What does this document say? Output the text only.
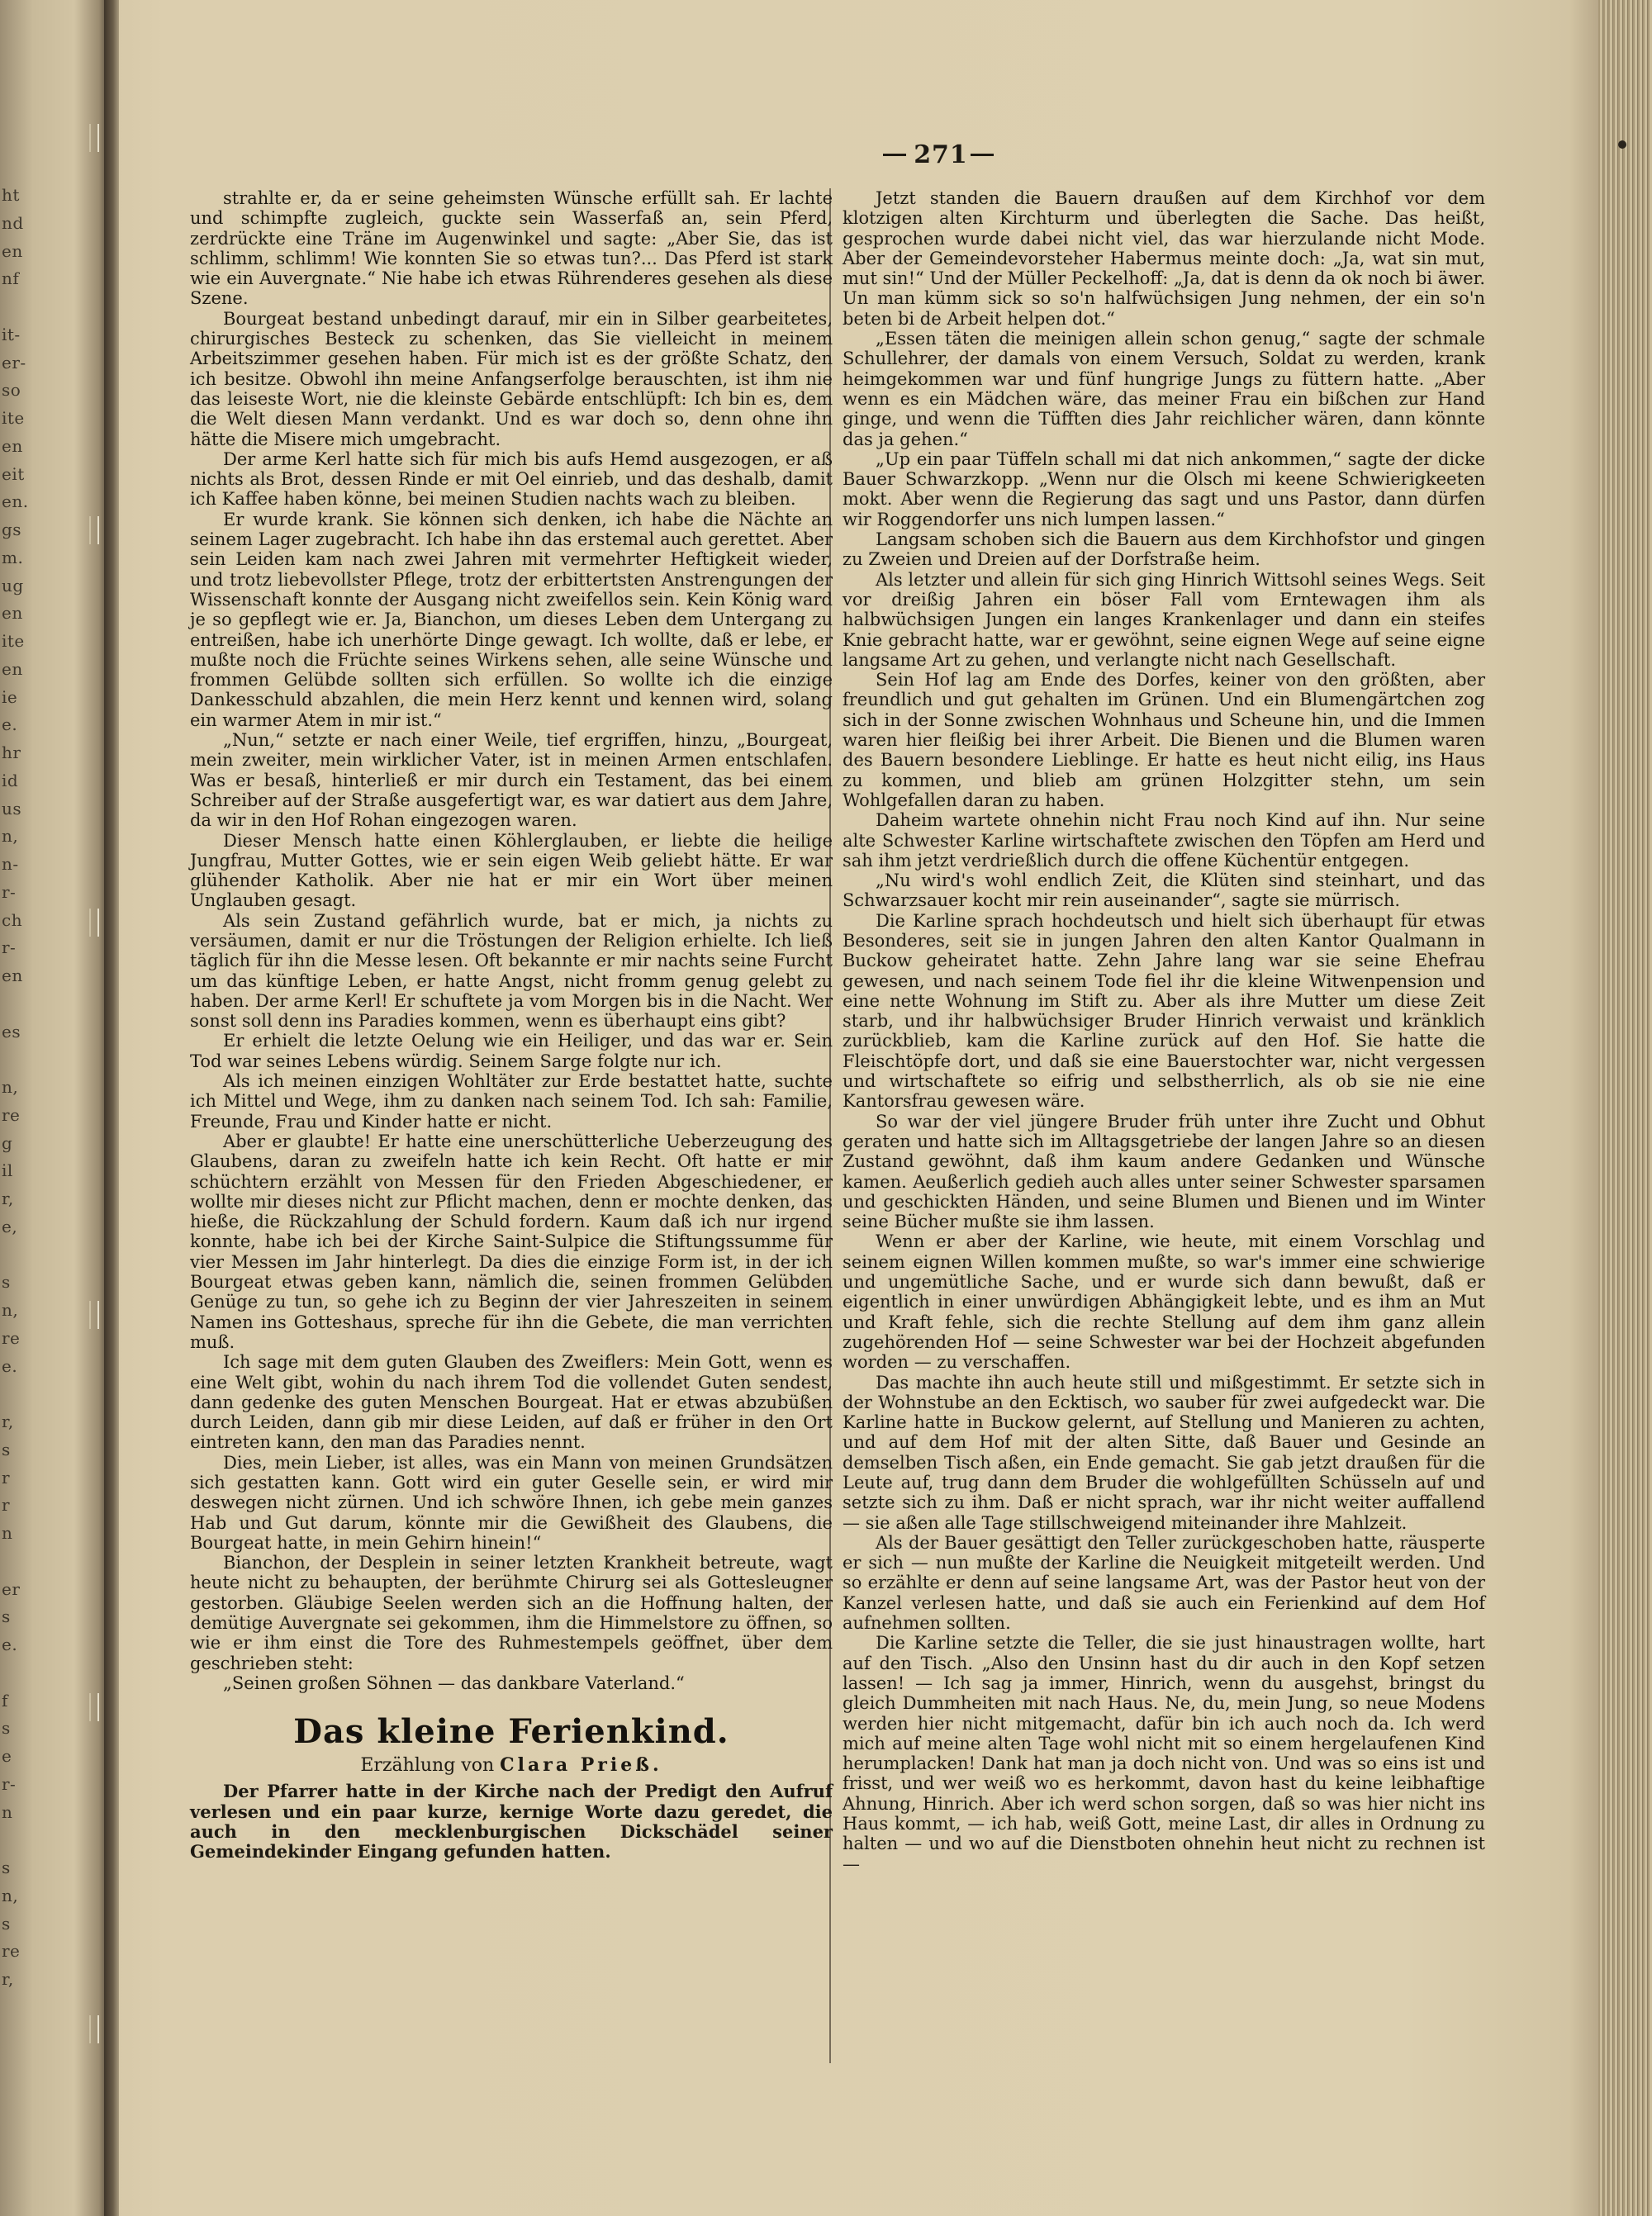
ht
nd
en
nf
it-
er-
so
ite
en
eit
en.
gs
m.
ug
en
ite
en
ie
e.
hr
id
us
n,
n-
r-
ch
r-
en
es
n,
re
g
il
r,
e,
s
n,
re
e.
r,
s
r
r
n
er
s
e.
f
s
e
r-
n
s
n,
s
re
r,
271

strahlte er, da er seine geheimsten Wünsche erfüllt sah. Er lachte und schimpfte zugleich, guckte sein Wasserfaß an, sein Pferd, zerdrückte eine Träne im Augenwinkel und sagte: „Aber Sie, das ist schlimm, schlimm! Wie konnten Sie so etwas tun?... Das Pferd ist stark wie ein Auvergnate.“ Nie habe ich etwas Rührenderes gesehen als diese Szene.

Bourgeat bestand unbedingt darauf, mir ein in Silber gearbeitetes, chirurgisches Besteck zu schenken, das Sie vielleicht in meinem Arbeitszimmer gesehen haben. Für mich ist es der größte Schatz, den ich besitze. Obwohl ihn meine Anfangserfolge berauschten, ist ihm nie das leiseste Wort, nie die kleinste Gebärde entschlüpft: Ich bin es, dem die Welt diesen Mann verdankt. Und es war doch so, denn ohne ihn hätte die Misere mich umgebracht.

Der arme Kerl hatte sich für mich bis aufs Hemd ausgezogen, er aß nichts als Brot, dessen Rinde er mit Oel einrieb, und das deshalb, damit ich Kaffee haben könne, bei meinen Studien nachts wach zu bleiben.

Er wurde krank. Sie können sich denken, ich habe die Nächte an seinem Lager zugebracht. Ich habe ihn das erstemal auch gerettet. Aber sein Leiden kam nach zwei Jahren mit vermehrter Heftigkeit wieder, und trotz liebevollster Pflege, trotz der erbittertsten Anstrengungen der Wissenschaft konnte der Ausgang nicht zweifellos sein. Kein König ward je so gepflegt wie er. Ja, Bianchon, um dieses Leben dem Untergang zu entreißen, habe ich unerhörte Dinge gewagt. Ich wollte, daß er lebe, er mußte noch die Früchte seines Wirkens sehen, alle seine Wünsche und frommen Gelübde sollten sich erfüllen. So wollte ich die einzige Dankesschuld abzahlen, die mein Herz kennt und kennen wird, solang ein warmer Atem in mir ist.“

„Nun,“ setzte er nach einer Weile, tief ergriffen, hinzu, „Bourgeat, mein zweiter, mein wirklicher Vater, ist in meinen Armen entschlafen. Was er besaß, hinterließ er mir durch ein Testament, das bei einem Schreiber auf der Straße ausgefertigt war, es war datiert aus dem Jahre, da wir in den Hof Rohan eingezogen waren.

Dieser Mensch hatte einen Köhlerglauben, er liebte die heilige Jungfrau, Mutter Gottes, wie er sein eigen Weib geliebt hätte. Er war glühender Katholik. Aber nie hat er mir ein Wort über meinen Unglauben gesagt.

Als sein Zustand gefährlich wurde, bat er mich, ja nichts zu versäumen, damit er nur die Tröstungen der Religion erhielte. Ich ließ täglich für ihn die Messe lesen. Oft bekannte er mir nachts seine Furcht um das künftige Leben, er hatte Angst, nicht fromm genug gelebt zu haben. Der arme Kerl! Er schuftete ja vom Morgen bis in die Nacht. Wer sonst soll denn ins Paradies kommen, wenn es überhaupt eins gibt?

Er erhielt die letzte Oelung wie ein Heiliger, und das war er. Sein Tod war seines Lebens würdig. Seinem Sarge folgte nur ich.

Als ich meinen einzigen Wohltäter zur Erde bestattet hatte, suchte ich Mittel und Wege, ihm zu danken nach seinem Tod. Ich sah: Familie, Freunde, Frau und Kinder hatte er nicht.

Aber er glaubte! Er hatte eine unerschütterliche Ueberzeugung des Glaubens, daran zu zweifeln hatte ich kein Recht. Oft hatte er mir schüchtern erzählt von Messen für den Frieden Abgeschiedener, er wollte mir dieses nicht zur Pflicht machen, denn er mochte denken, das hieße, die Rückzahlung der Schuld fordern. Kaum daß ich nur irgend konnte, habe ich bei der Kirche Saint-Sulpice die Stiftungssumme für vier Messen im Jahr hinterlegt. Da dies die einzige Form ist, in der ich Bourgeat etwas geben kann, nämlich die, seinen frommen Gelübden Genüge zu tun, so gehe ich zu Beginn der vier Jahreszeiten in seinem Namen ins Gotteshaus, spreche für ihn die Gebete, die man verrichten muß.

Ich sage mit dem guten Glauben des Zweiflers: Mein Gott, wenn es eine Welt gibt, wohin du nach ihrem Tod die vollendet Guten sendest, dann gedenke des guten Menschen Bourgeat. Hat er etwas abzubüßen durch Leiden, dann gib mir diese Leiden, auf daß er früher in den Ort eintreten kann, den man das Paradies nennt.

Dies, mein Lieber, ist alles, was ein Mann von meinen Grundsätzen sich gestatten kann. Gott wird ein guter Geselle sein, er wird mir deswegen nicht zürnen. Und ich schwöre Ihnen, ich gebe mein ganzes Hab und Gut darum, könnte mir die Gewißheit des Glaubens, die Bourgeat hatte, in mein Gehirn hinein!“

Bianchon, der Desplein in seiner letzten Krankheit betreute, wagt heute nicht zu behaupten, der berühmte Chirurg sei als Gottesleugner gestorben. Gläubige Seelen werden sich an die Hoffnung halten, der demütige Auvergnate sei gekommen, ihm die Himmelstore zu öffnen, so wie er ihm einst die Tore des Ruhmestempels geöffnet, über dem geschrieben steht:

„Seinen großen Söhnen — das dankbare Vaterland.“

Das kleine Ferienkind.
Erzählung von Clara Prieß.

Der Pfarrer hatte in der Kirche nach der Predigt den Aufruf verlesen und ein paar kurze, kernige Worte dazu geredet, die auch in den mecklenburgischen Dickschädel seiner Gemeindekinder Eingang gefunden hatten.

Jetzt standen die Bauern draußen auf dem Kirchhof vor dem klotzigen alten Kirchturm und überlegten die Sache. Das heißt, gesprochen wurde dabei nicht viel, das war hierzulande nicht Mode. Aber der Gemeindevorsteher Habermus meinte doch: „Ja, wat sin mut, mut sin!“ Und der Müller Peckelhoff: „Ja, dat is denn da ok noch bi äwer. Un man kümm sick so so'n halfwüchsigen Jung nehmen, der ein so'n beten bi de Arbeit helpen dot.“

„Essen täten die meinigen allein schon genug,“ sagte der schmale Schullehrer, der damals von einem Versuch, Soldat zu werden, krank heimgekommen war und fünf hungrige Jungs zu füttern hatte. „Aber wenn es ein Mädchen wäre, das meiner Frau ein bißchen zur Hand ginge, und wenn die Tüfften dies Jahr reichlicher wären, dann könnte das ja gehen.“

„Up ein paar Tüffeln schall mi dat nich ankommen,“ sagte der dicke Bauer Schwarzkopp. „Wenn nur die Olsch mi keene Schwierigkeeten mokt. Aber wenn die Regierung das sagt und uns Pastor, dann dürfen wir Roggendorfer uns nich lumpen lassen.“

Langsam schoben sich die Bauern aus dem Kirchhofstor und gingen zu Zweien und Dreien auf der Dorfstraße heim.

Als letzter und allein für sich ging Hinrich Wittsohl seines Wegs. Seit vor dreißig Jahren ein böser Fall vom Erntewagen ihm als halbwüchsigen Jungen ein langes Krankenlager und dann ein steifes Knie gebracht hatte, war er gewöhnt, seine eignen Wege auf seine eigne langsame Art zu gehen, und verlangte nicht nach Gesellschaft.

Sein Hof lag am Ende des Dorfes, keiner von den größten, aber freundlich und gut gehalten im Grünen. Und ein Blumengärtchen zog sich in der Sonne zwischen Wohnhaus und Scheune hin, und die Immen waren hier fleißig bei ihrer Arbeit. Die Bienen und die Blumen waren des Bauern besondere Lieblinge. Er hatte es heut nicht eilig, ins Haus zu kommen, und blieb am grünen Holzgitter stehn, um sein Wohlgefallen daran zu haben.

Daheim wartete ohnehin nicht Frau noch Kind auf ihn. Nur seine alte Schwester Karline wirtschaftete zwischen den Töpfen am Herd und sah ihm jetzt verdrießlich durch die offene Küchentür entgegen.

„Nu wird's wohl endlich Zeit, die Klüten sind steinhart, und das Schwarzsauer kocht mir rein auseinander“, sagte sie mürrisch.

Die Karline sprach hochdeutsch und hielt sich überhaupt für etwas Besonderes, seit sie in jungen Jahren den alten Kantor Qualmann in Buckow geheiratet hatte. Zehn Jahre lang war sie seine Ehefrau gewesen, und nach seinem Tode fiel ihr die kleine Witwenpension und eine nette Wohnung im Stift zu. Aber als ihre Mutter um diese Zeit starb, und ihr halbwüchsiger Bruder Hinrich verwaist und kränklich zurückblieb, kam die Karline zurück auf den Hof. Sie hatte die Fleischtöpfe dort, und daß sie eine Bauerstochter war, nicht vergessen und wirtschaftete so eifrig und selbstherrlich, als ob sie nie eine Kantorsfrau gewesen wäre.

So war der viel jüngere Bruder früh unter ihre Zucht und Obhut geraten und hatte sich im Alltagsgetriebe der langen Jahre so an diesen Zustand gewöhnt, daß ihm kaum andere Gedanken und Wünsche kamen. Aeußerlich gedieh auch alles unter seiner Schwester sparsamen und geschickten Händen, und seine Blumen und Bienen und im Winter seine Bücher mußte sie ihm lassen.

Wenn er aber der Karline, wie heute, mit einem Vorschlag und seinem eignen Willen kommen mußte, so war's immer eine schwierige und ungemütliche Sache, und er wurde sich dann bewußt, daß er eigentlich in einer unwürdigen Abhängigkeit lebte, und es ihm an Mut und Kraft fehle, sich die rechte Stellung auf dem ihm ganz allein zugehörenden Hof — seine Schwester war bei der Hochzeit abgefunden worden — zu verschaffen.

Das machte ihn auch heute still und mißgestimmt. Er setzte sich in der Wohnstube an den Ecktisch, wo sauber für zwei aufgedeckt war. Die Karline hatte in Buckow gelernt, auf Stellung und Manieren zu achten, und auf dem Hof mit der alten Sitte, daß Bauer und Gesinde an demselben Tisch aßen, ein Ende gemacht. Sie gab jetzt draußen für die Leute auf, trug dann dem Bruder die wohlgefüllten Schüsseln auf und setzte sich zu ihm. Daß er nicht sprach, war ihr nicht weiter auffallend — sie aßen alle Tage stillschweigend miteinander ihre Mahlzeit.

Als der Bauer gesättigt den Teller zurückgeschoben hatte, räusperte er sich — nun mußte der Karline die Neuigkeit mitgeteilt werden. Und so erzählte er denn auf seine langsame Art, was der Pastor heut von der Kanzel verlesen hatte, und daß sie auch ein Ferienkind auf dem Hof aufnehmen sollten.

Die Karline setzte die Teller, die sie just hinaustragen wollte, hart auf den Tisch. „Also den Unsinn hast du dir auch in den Kopf setzen lassen! — Ich sag ja immer, Hinrich, wenn du ausgehst, bringst du gleich Dummheiten mit nach Haus. Ne, du, mein Jung, so neue Modens werden hier nicht mitgemacht, dafür bin ich auch noch da. Ich werd mich auf meine alten Tage wohl nicht mit so einem hergelaufenen Kind herumplacken! Dank hat man ja doch nicht von. Und was so eins ist und frisst, und wer weiß wo es herkommt, davon hast du keine leibhaftige Ahnung, Hinrich. Aber ich werd schon sorgen, daß so was hier nicht ins Haus kommt, — ich hab, weiß Gott, meine Last, dir alles in Ordnung zu halten — und wo auf die Dienstboten ohnehin heut nicht zu rechnen ist —
